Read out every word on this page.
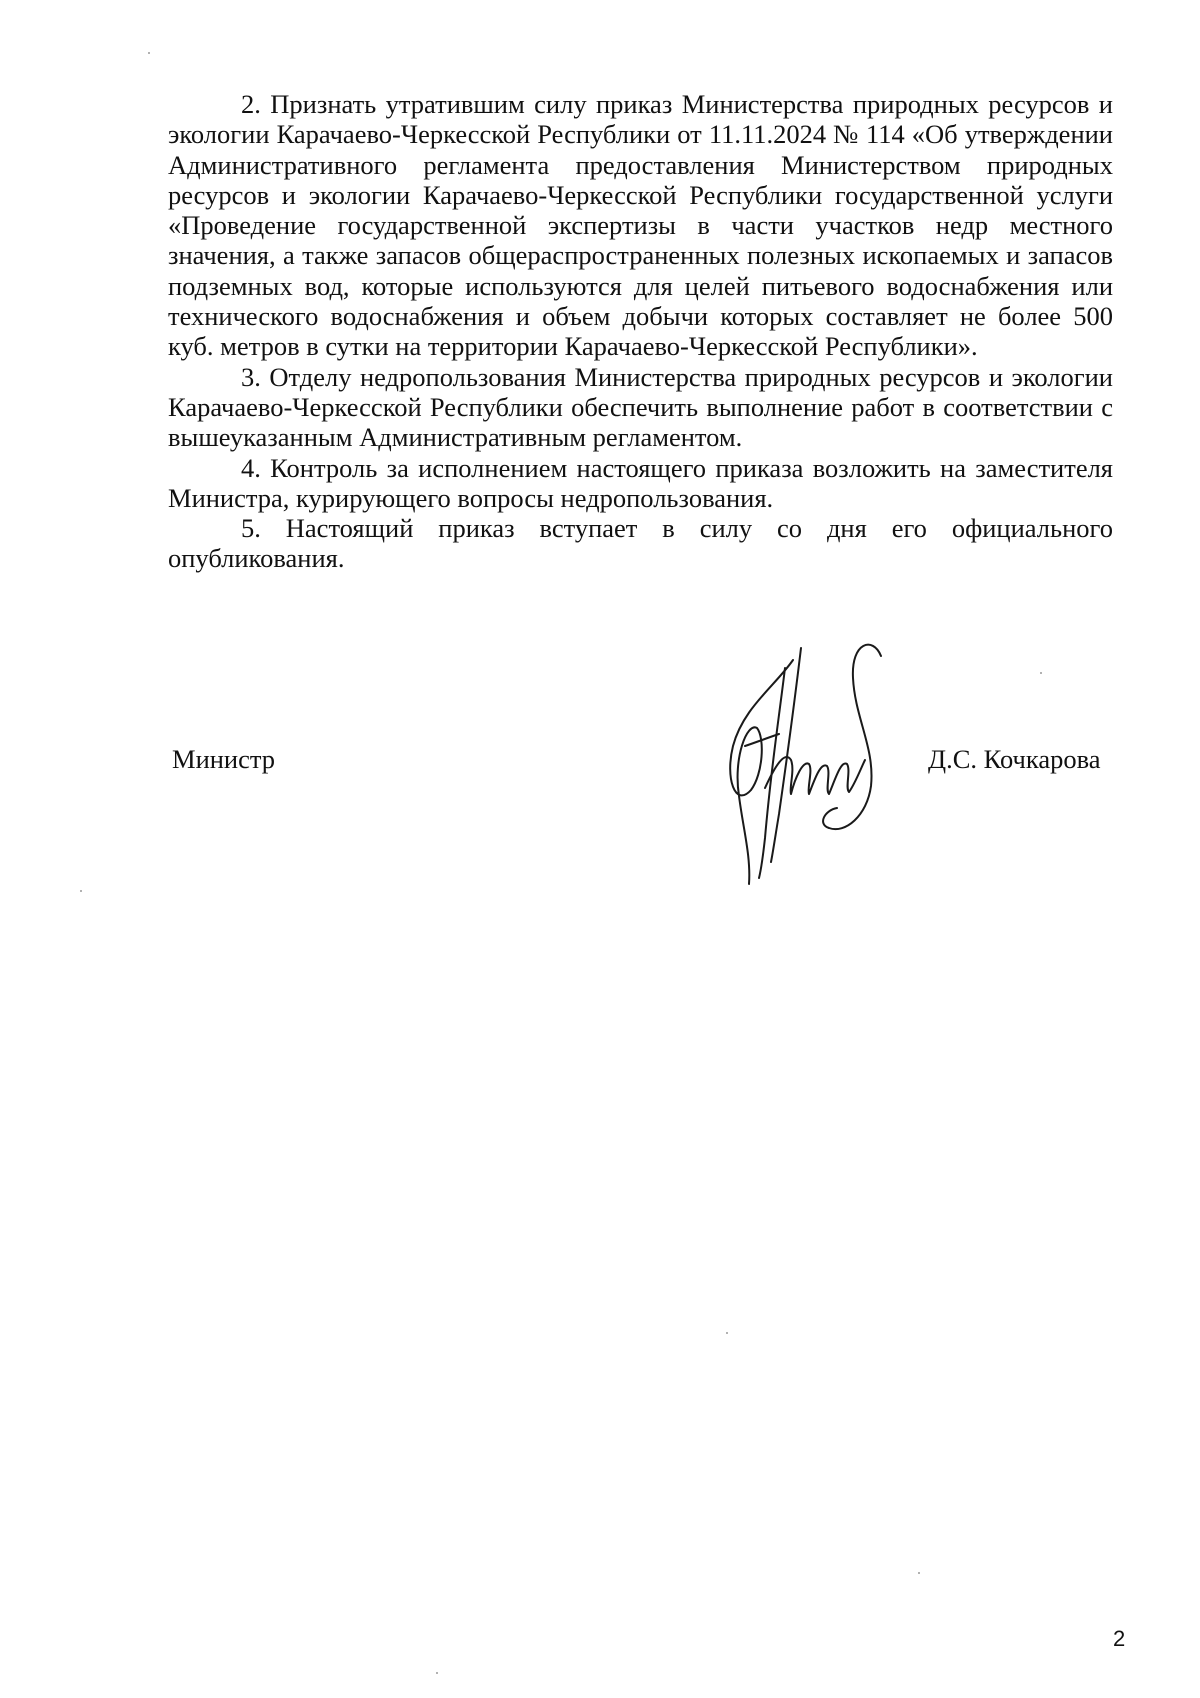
2. Признать утратившим силу приказ Министерства природных ресурсов и экологии Карачаево-Черкесской Республики от 11.11.2024 № 114 «Об утверждении Административного регламента предоставления Министерством природных ресурсов и экологии Карачаево-Черкесской Республики государственной услуги «Проведение государственной экспертизы в части участков недр местного значения, а также запасов общераспространенных полезных ископаемых и запасов подземных вод, которые используются для целей питьевого водоснабжения или технического водоснабжения и объем добычи которых составляет не более 500 куб. метров в сутки на территории Карачаево-Черкесской Республики».

3. Отделу недропользования Министерства природных ресурсов и экологии Карачаево-Черкесской Республики обеспечить выполнение работ в соответствии с вышеуказанным Административным регламентом.

4. Контроль за исполнением настоящего приказа возложить на заместителя Министра, курирующего вопросы недропользования.

5. Настоящий приказ вступает в силу со дня его официального опубликования.

Министр	Д.С. Кочкарова
2
